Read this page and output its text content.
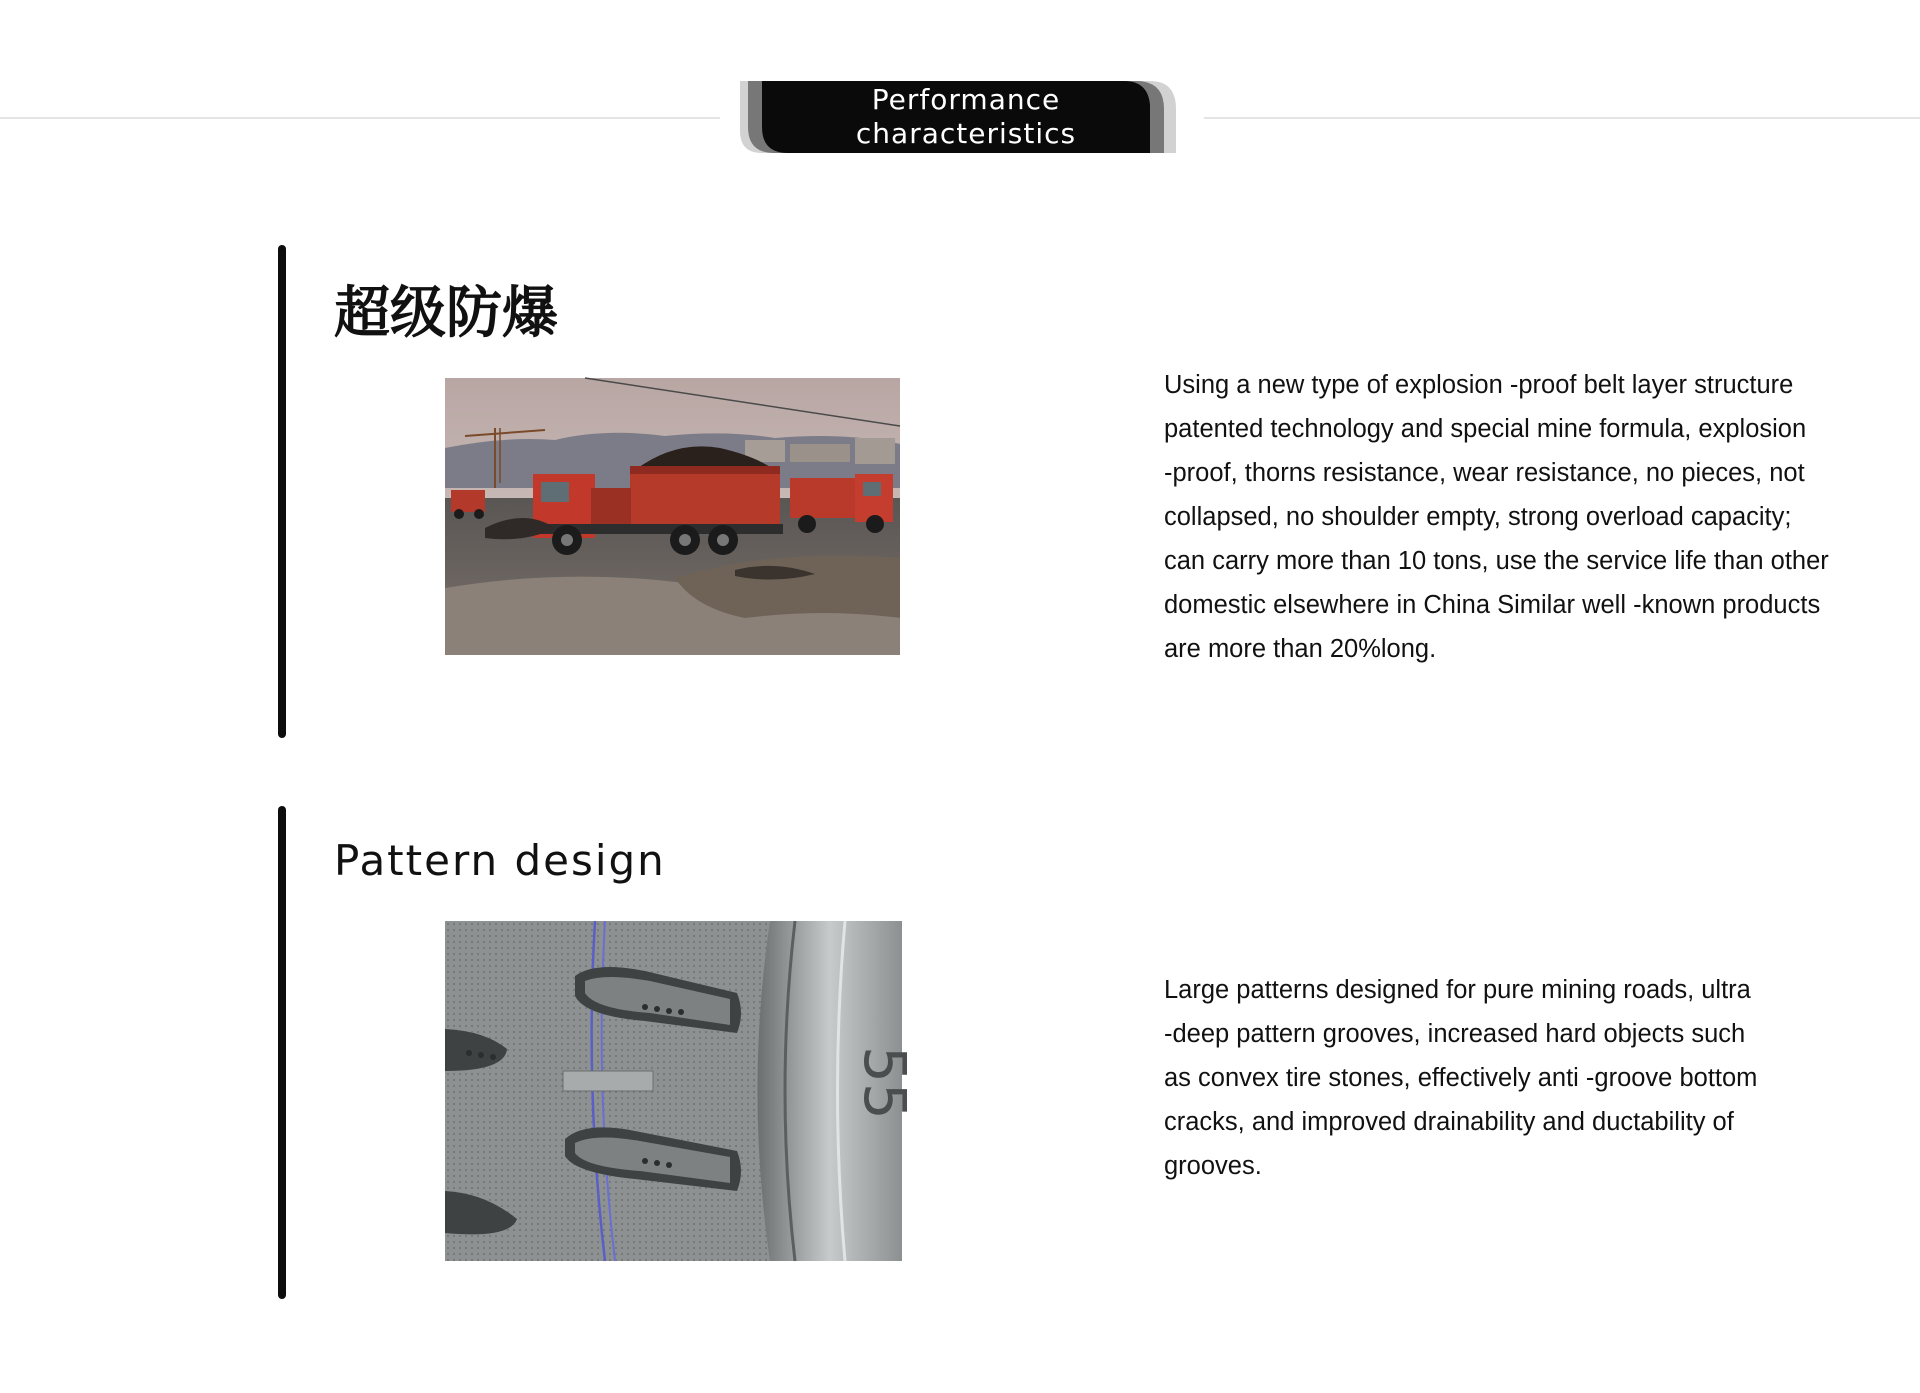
Performance
characteristics
超级防爆

Using a new type of explosion -proof belt layer structure
patented technology and special mine formula, explosion
-proof, thorns resistance, wear resistance, no pieces, not
collapsed, no shoulder empty, strong overload capacity;
can carry more than 10 tons, use the service life than other
domestic elsewhere in China Similar well -known products
are more than 20%long.

Pattern design
55

Large patterns designed for pure mining roads, ultra
-deep pattern grooves, increased hard objects such
as convex tire stones, effectively anti -groove bottom
cracks, and improved drainability and ductability of
grooves.
